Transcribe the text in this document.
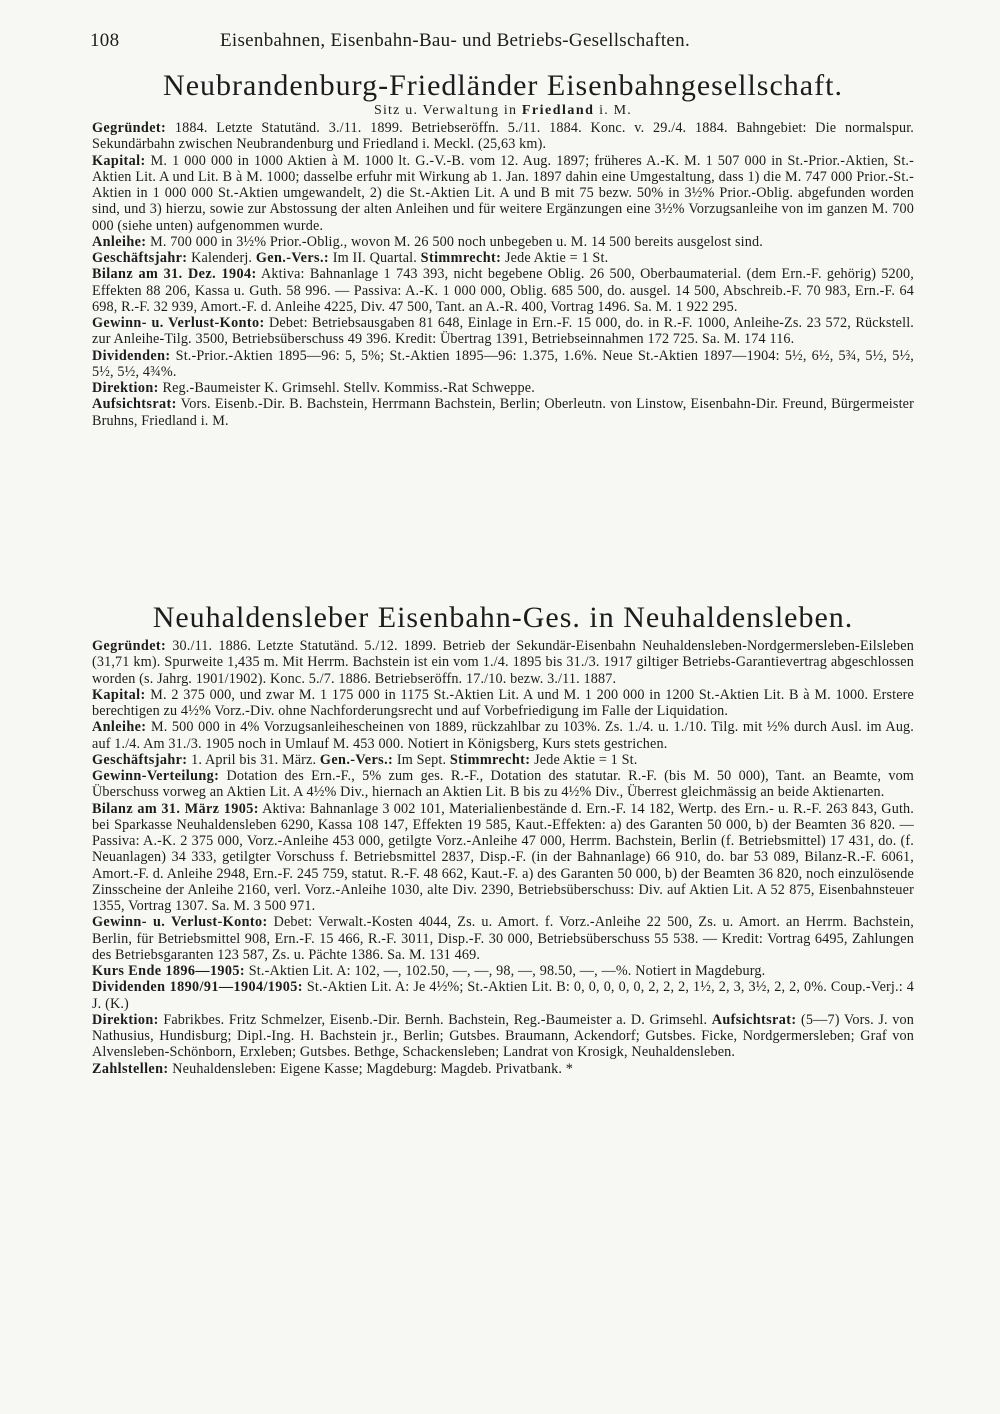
108	Eisenbahnen, Eisenbahn-Bau- und Betriebs-Gesellschaften.
Neubrandenburg-Friedländer Eisenbahngesellschaft.
Sitz u. Verwaltung in Friedland i. M.

Gegründet: 1884. Letzte Statutänd. 3./11. 1899. Betriebseröffn. 5./11. 1884. Konc. v. 29./4. 1884. Bahngebiet: Die normalspur. Sekundärbahn zwischen Neubrandenburg und Friedland i. Meckl. (25,63 km).

Kapital: M. 1 000 000 in 1000 Aktien à M. 1000 lt. G.-V.-B. vom 12. Aug. 1897; früheres A.-K. M. 1 507 000 in St.-Prior.-Aktien, St.-Aktien Lit. A und Lit. B à M. 1000; dasselbe erfuhr mit Wirkung ab 1. Jan. 1897 dahin eine Umgestaltung, dass 1) die M. 747 000 Prior.-St.-Aktien in 1 000 000 St.-Aktien umgewandelt, 2) die St.-Aktien Lit. A und B mit 75 bezw. 50% in 3½% Prior.-Oblig. abgefunden worden sind, und 3) hierzu, sowie zur Abstossung der alten Anleihen und für weitere Ergänzungen eine 3½% Vorzugsanleihe von im ganzen M. 700 000 (siehe unten) aufgenommen wurde.

Anleihe: M. 700 000 in 3½% Prior.-Oblig., wovon M. 26 500 noch unbegeben u. M. 14 500 bereits ausgelost sind.

Geschäftsjahr: Kalenderj. Gen.-Vers.: Im II. Quartal. Stimmrecht: Jede Aktie = 1 St.

Bilanz am 31. Dez. 1904: Aktiva: Bahnanlage 1 743 393, nicht begebene Oblig. 26 500, Oberbaumaterial. (dem Ern.-F. gehörig) 5200, Effekten 88 206, Kassa u. Guth. 58 996. — Passiva: A.-K. 1 000 000, Oblig. 685 500, do. ausgel. 14 500, Abschreib.-F. 70 983, Ern.-F. 64 698, R.-F. 32 939, Amort.-F. d. Anleihe 4225, Div. 47 500, Tant. an A.-R. 400, Vortrag 1496. Sa. M. 1 922 295.

Gewinn- u. Verlust-Konto: Debet: Betriebsausgaben 81 648, Einlage in Ern.-F. 15 000, do. in R.-F. 1000, Anleihe-Zs. 23 572, Rückstell. zur Anleihe-Tilg. 3500, Betriebsüberschuss 49 396. Kredit: Übertrag 1391, Betriebseinnahmen 172 725. Sa. M. 174 116.

Dividenden: St.-Prior.-Aktien 1895—96: 5, 5%; St.-Aktien 1895—96: 1.375, 1.6%. Neue St.-Aktien 1897—1904: 5½, 6½, 5¾, 5½, 5½, 5½, 5½, 4¾%.

Direktion: Reg.-Baumeister K. Grimsehl. Stellv. Kommiss.-Rat Schweppe.

Aufsichtsrat: Vors. Eisenb.-Dir. B. Bachstein, Herrmann Bachstein, Berlin; Oberleutn. von Linstow, Eisenbahn-Dir. Freund, Bürgermeister Bruhns, Friedland i. M.

Neuhaldensleber Eisenbahn-Ges. in Neuhaldensleben.

Gegründet: 30./11. 1886. Letzte Statutänd. 5./12. 1899. Betrieb der Sekundär-Eisenbahn Neuhaldensleben-Nordgermersleben-Eilsleben (31,71 km). Spurweite 1,435 m. Mit Herrm. Bachstein ist ein vom 1./4. 1895 bis 31./3. 1917 giltiger Betriebs-Garantievertrag abgeschlossen worden (s. Jahrg. 1901/1902). Konc. 5./7. 1886. Betriebseröffn. 17./10. bezw. 3./11. 1887.

Kapital: M. 2 375 000, und zwar M. 1 175 000 in 1175 St.-Aktien Lit. A und M. 1 200 000 in 1200 St.-Aktien Lit. B à M. 1000. Erstere berechtigen zu 4½% Vorz.-Div. ohne Nachforderungsrecht und auf Vorbefriedigung im Falle der Liquidation.

Anleihe: M. 500 000 in 4% Vorzugsanleihescheinen von 1889, rückzahlbar zu 103%. Zs. 1./4. u. 1./10. Tilg. mit ½% durch Ausl. im Aug. auf 1./4. Am 31./3. 1905 noch in Umlauf M. 453 000. Notiert in Königsberg, Kurs stets gestrichen.

Geschäftsjahr: 1. April bis 31. März. Gen.-Vers.: Im Sept. Stimmrecht: Jede Aktie = 1 St.

Gewinn-Verteilung: Dotation des Ern.-F., 5% zum ges. R.-F., Dotation des statutar. R.-F. (bis M. 50 000), Tant. an Beamte, vom Überschuss vorweg an Aktien Lit. A 4½% Div., hiernach an Aktien Lit. B bis zu 4½% Div., Überrest gleichmässig an beide Aktienarten.

Bilanz am 31. März 1905: Aktiva: Bahnanlage 3 002 101, Materialienbestände d. Ern.-F. 14 182, Wertp. des Ern.- u. R.-F. 263 843, Guth. bei Sparkasse Neuhaldensleben 6290, Kassa 108 147, Effekten 19 585, Kaut.-Effekten: a) des Garanten 50 000, b) der Beamten 36 820. — Passiva: A.-K. 2 375 000, Vorz.-Anleihe 453 000, getilgte Vorz.-Anleihe 47 000, Herrm. Bachstein, Berlin (f. Betriebsmittel) 17 431, do. (f. Neuanlagen) 34 333, getilgter Vorschuss f. Betriebsmittel 2837, Disp.-F. (in der Bahnanlage) 66 910, do. bar 53 089, Bilanz-R.-F. 6061, Amort.-F. d. Anleihe 2948, Ern.-F. 245 759, statut. R.-F. 48 662, Kaut.-F. a) des Garanten 50 000, b) der Beamten 36 820, noch einzulösende Zinsscheine der Anleihe 2160, verl. Vorz.-Anleihe 1030, alte Div. 2390, Betriebsüberschuss: Div. auf Aktien Lit. A 52 875, Eisenbahnsteuer 1355, Vortrag 1307. Sa. M. 3 500 971.

Gewinn- u. Verlust-Konto: Debet: Verwalt.-Kosten 4044, Zs. u. Amort. f. Vorz.-Anleihe 22 500, Zs. u. Amort. an Herrm. Bachstein, Berlin, für Betriebsmittel 908, Ern.-F. 15 466, R.-F. 3011, Disp.-F. 30 000, Betriebsüberschuss 55 538. — Kredit: Vortrag 6495, Zahlungen des Betriebsgaranten 123 587, Zs. u. Pächte 1386. Sa. M. 131 469.

Kurs Ende 1896—1905: St.-Aktien Lit. A: 102, —, 102.50, —, —, 98, —, 98.50, —, —%. Notiert in Magdeburg.

Dividenden 1890/91—1904/1905: St.-Aktien Lit. A: Je 4½%; St.-Aktien Lit. B: 0, 0, 0, 0, 0, 2, 2, 2, 1½, 2, 3, 3½, 2, 2, 0%. Coup.-Verj.: 4 J. (K.)

Direktion: Fabrikbes. Fritz Schmelzer, Eisenb.-Dir. Bernh. Bachstein, Reg.-Baumeister a. D. Grimsehl. Aufsichtsrat: (5—7) Vors. J. von Nathusius, Hundisburg; Dipl.-Ing. H. Bachstein jr., Berlin; Gutsbes. Braumann, Ackendorf; Gutsbes. Ficke, Nordgermersleben; Graf von Alvensleben-Schönborn, Erxleben; Gutsbes. Bethge, Schackensleben; Landrat von Krosigk, Neuhaldensleben.

Zahlstellen: Neuhaldensleben: Eigene Kasse; Magdeburg: Magdeb. Privatbank. *
